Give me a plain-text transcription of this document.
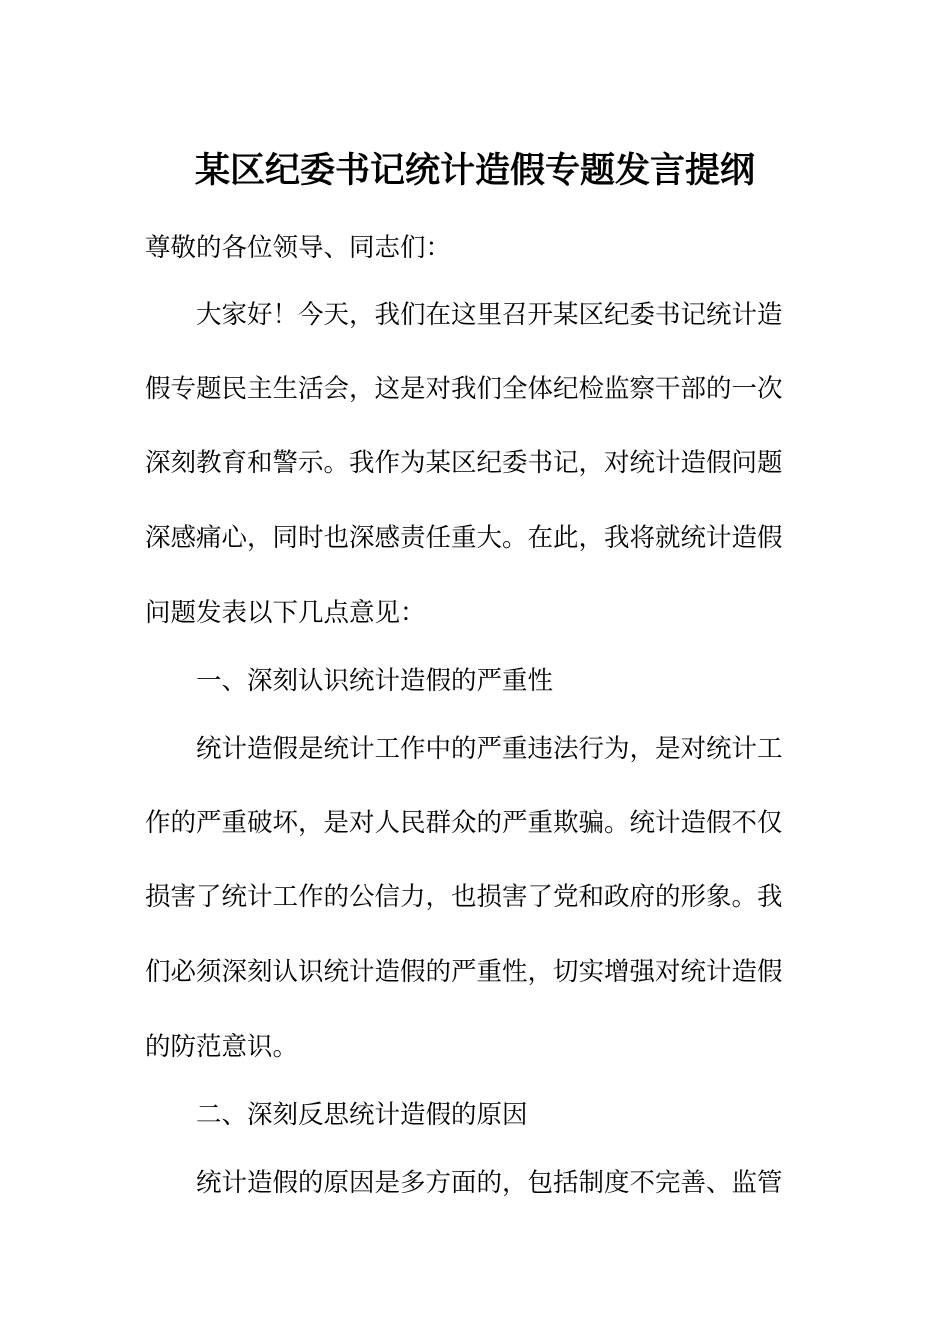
某区纪委书记统计造假专题发言提纲
尊敬的各位领导、同志们：
大家好！今天，我们在这里召开某区纪委书记统计造
假专题民主生活会，这是对我们全体纪检监察干部的一次
深刻教育和警示。我作为某区纪委书记，对统计造假问题
深感痛心，同时也深感责任重大。在此，我将就统计造假
问题发表以下几点意见：
一、深刻认识统计造假的严重性
统计造假是统计工作中的严重违法行为，是对统计工
作的严重破坏，是对人民群众的严重欺骗。统计造假不仅
损害了统计工作的公信力，也损害了党和政府的形象。我
们必须深刻认识统计造假的严重性，切实增强对统计造假
的防范意识。
二、深刻反思统计造假的原因
统计造假的原因是多方面的，包括制度不完善、监管
